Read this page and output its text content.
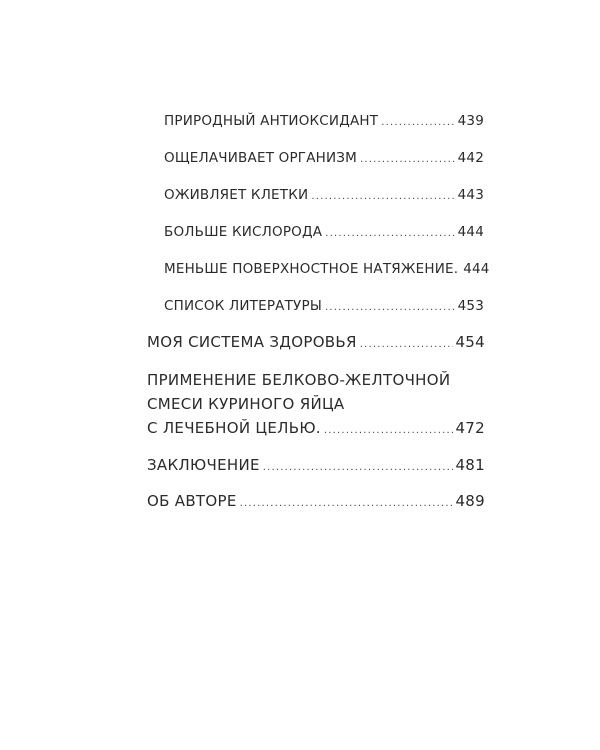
ПРИРОДНЫЙ АНТИОКСИДАНТ .....	439
ОЩЕЛАЧИВАЕТ ОРГАНИЗМ .....	442
ОЖИВЛЯЕТ КЛЕТКИ .....	443
БОЛЬШЕ КИСЛОРОДА .....	444
МЕНЬШЕ ПОВЕРХНОСТНОЕ НАТЯЖЕНИЕ. 444
СПИСОК ЛИТЕРАТУРЫ .....	453
МОЯ СИСТЕМА ЗДОРОВЬЯ .....	454
ПРИМЕНЕНИЕ БЕЛКОВО-ЖЕЛТОЧНОЙ
СМЕСИ КУРИНОГО ЯЙЦА
С ЛЕЧЕБНОЙ ЦЕЛЬЮ. .....	472
ЗАКЛЮЧЕНИЕ .....	481
ОБ АВТОРЕ .....	489
